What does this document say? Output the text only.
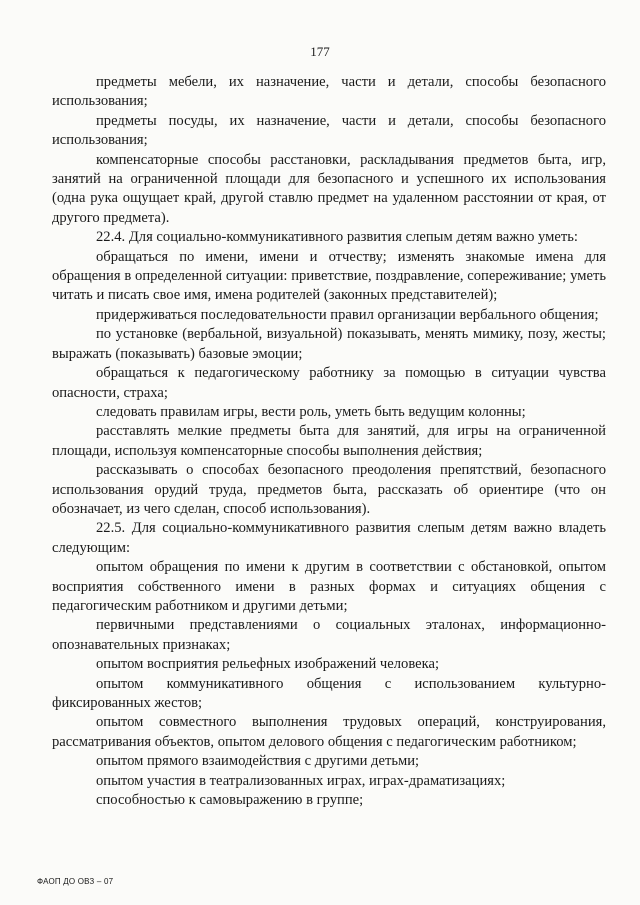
177

предметы мебели, их назначение, части и детали, способы безопасного использования;

предметы посуды, их назначение, части и детали, способы безопасного использования;

компенсаторные способы расстановки, раскладывания предметов быта, игр, занятий на ограниченной площади для безопасного и успешного их использования (одна рука ощущает край, другой ставлю предмет на удаленном расстоянии от края, от другого предмета).

22.4. Для социально-коммуникативного развития слепым детям важно уметь:

обращаться по имени, имени и отчеству; изменять знакомые имена для обращения в определенной ситуации: приветствие, поздравление, сопереживание; уметь читать и писать свое имя, имена родителей (законных представителей);

придерживаться последовательности правил организации вербального общения;

по установке (вербальной, визуальной) показывать, менять мимику, позу, жесты; выражать (показывать) базовые эмоции;

обращаться к педагогическому работнику за помощью в ситуации чувства опасности, страха;

следовать правилам игры, вести роль, уметь быть ведущим колонны;

расставлять мелкие предметы быта для занятий, для игры на ограниченной площади, используя компенсаторные способы выполнения действия;

рассказывать о способах безопасного преодоления препятствий, безопасного использования орудий труда, предметов быта, рассказать об ориентире (что он обозначает, из чего сделан, способ использования).

22.5. Для социально-коммуникативного развития слепым детям важно владеть следующим:

опытом обращения по имени к другим в соответствии с обстановкой, опытом восприятия собственного имени в разных формах и ситуациях общения с педагогическим работником и другими детьми;

первичными представлениями о социальных эталонах, информационно-опознавательных признаках;

опытом восприятия рельефных изображений человека;

опытом коммуникативного общения с использованием культурно-фиксированных жестов;

опытом совместного выполнения трудовых операций, конструирования, рассматривания объектов, опытом делового общения с педагогическим работником;

опытом прямого взаимодействия с другими детьми;

опытом участия в театрализованных играх, играх-драматизациях;

способностью к самовыражению в группе;

ФАОП ДО ОВЗ – 07
